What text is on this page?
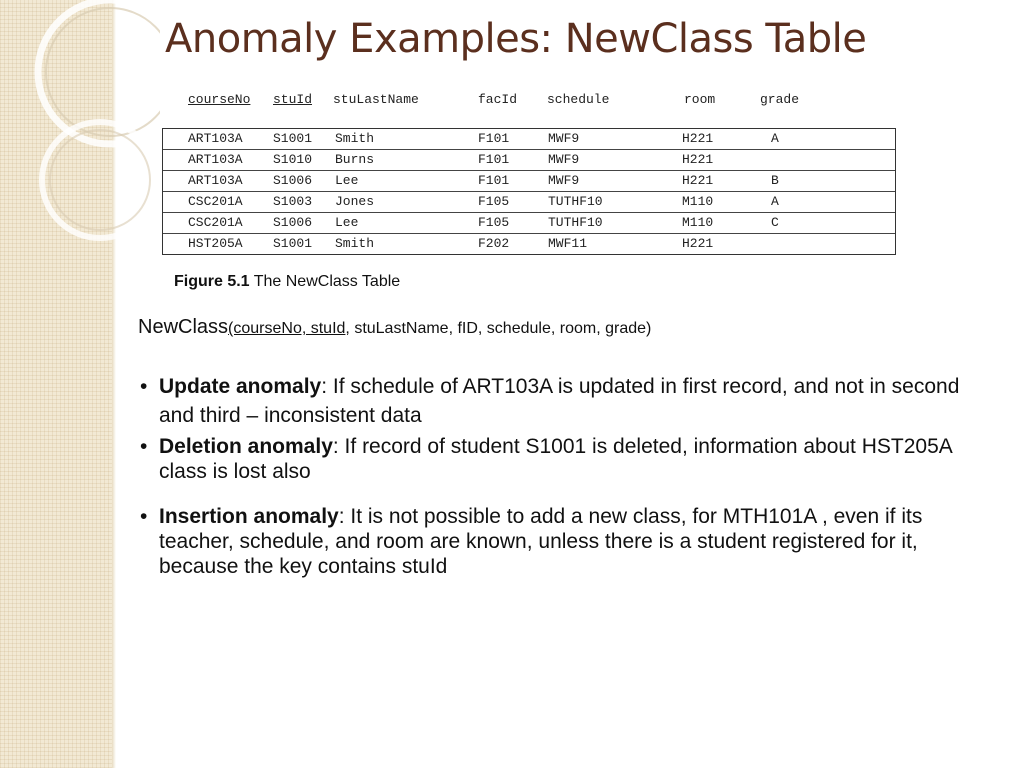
Anomaly Examples: NewClass Table
courseNo stuId stuLastName	facId schedule	room	grade
ART103A S1001 Smith	F101	MWF9	H221	A
ART103A S1010 Burns	F101	MWF9	H221
ART103A S1006 Lee	F101	MWF9	H221	B
CSC201A S1003 Jones	F105	TUTHF10	M110	A
CSC201A S1006 Lee	F105	TUTHF10	M110	C
HST205A S1001 Smith	F202	MWF11	H221
Figure 5.1 The NewClass Table
NewClass(courseNo, stuId, stuLastName, fID, schedule, room, grade)
• Update anomaly: If schedule of ART103A is updated in first record, and not in second and third – inconsistent data
• Deletion anomaly: If record of student S1001 is deleted, information about HST205A class is lost also
• Insertion anomaly: It is not possible to add a new class, for MTH101A , even if its teacher, schedule, and room are known, unless there is a student registered for it, because the key contains stuId
